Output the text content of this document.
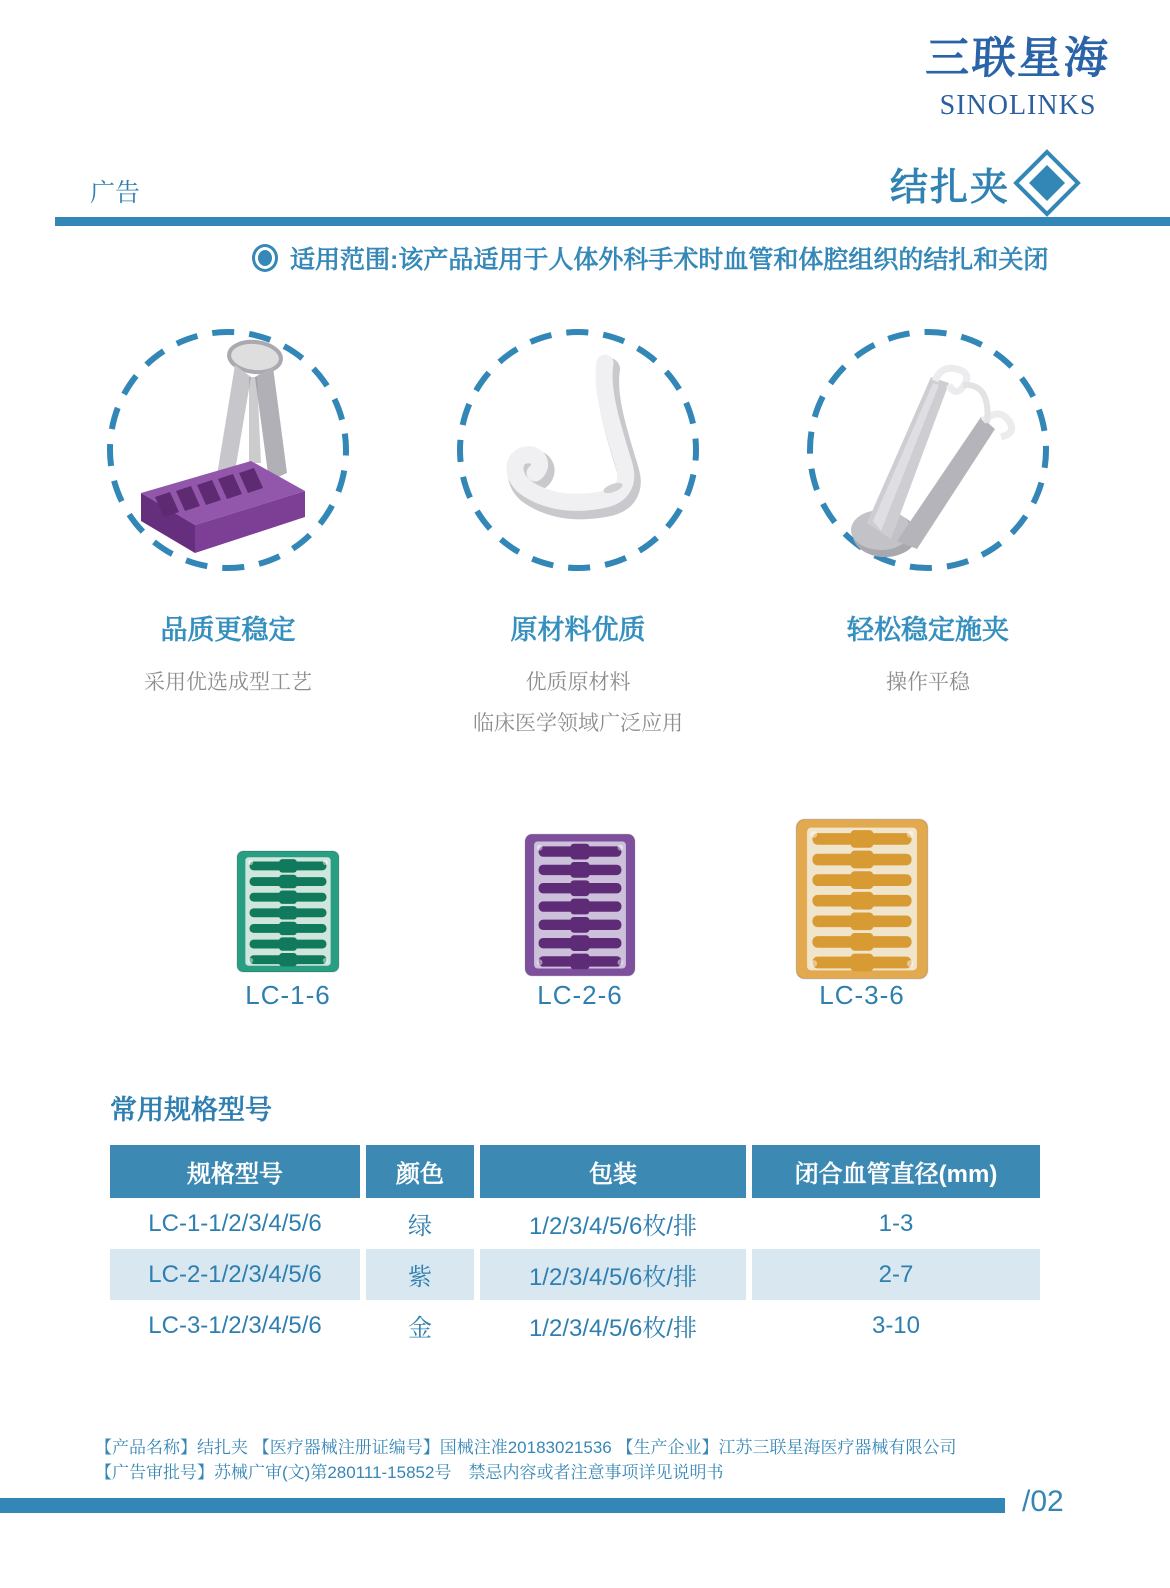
三联星海
SINOLINKS
广告	结扎夹
适用范围:该产品适用于人体外科手术时血管和体腔组织的结扎和关闭
品质更稳定
采用优选成型工艺
原材料优质
优质原材料
临床医学领域广泛应用
轻松稳定施夹
操作平稳
LC-1-6	LC-2-6	LC-3-6
常用规格型号
规格型号	颜色	包装	闭合血管直径(mm)
LC-1-1/2/3/4/5/6	绿	1/2/3/4/5/6枚/排	1-3
LC-2-1/2/3/4/5/6	紫	1/2/3/4/5/6枚/排	2-7
LC-3-1/2/3/4/5/6	金	1/2/3/4/5/6枚/排	3-10
【产品名称】结扎夹 【医疗器械注册证编号】国械注准20183021536 【生产企业】江苏三联星海医疗器械有限公司
【广告审批号】苏械广审(文)第280111-15852号　禁忌内容或者注意事项详见说明书
/02
